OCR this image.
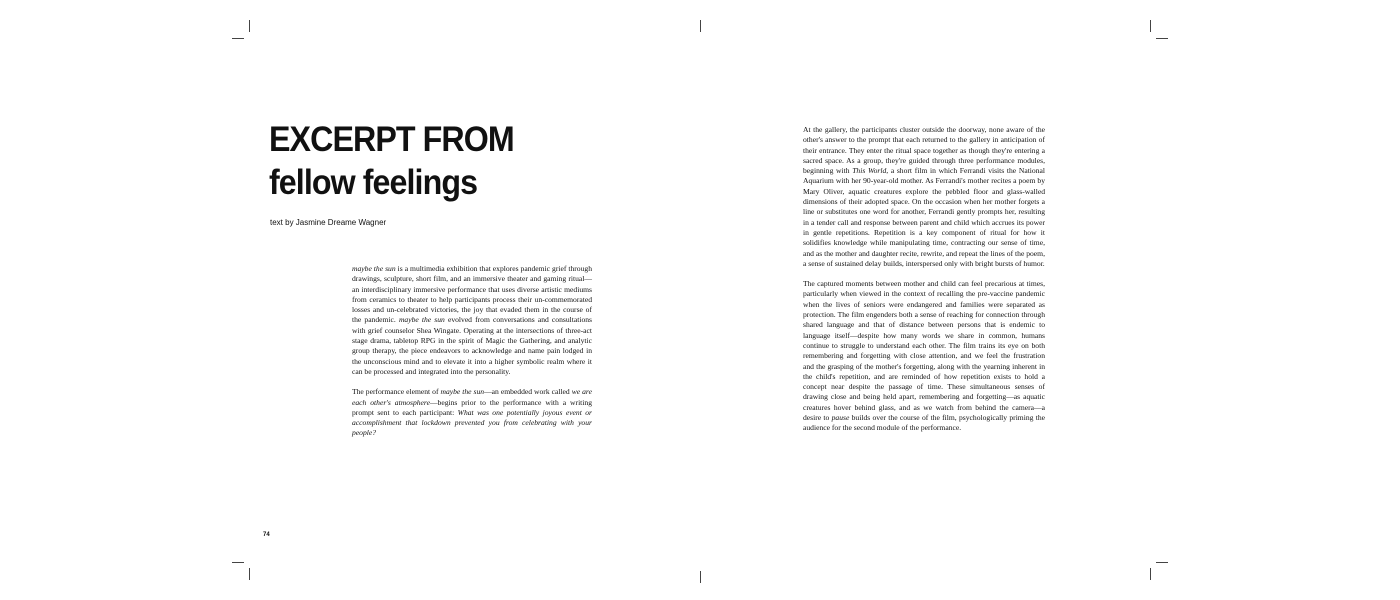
EXCERPT FROM
fellow feelings
text by Jasmine Dreame Wagner

maybe the sun is a multimedia exhibition that explores pandemic grief through drawings, sculpture, short film, and an immersive theater and gaming ritual—an interdisciplinary immersive performance that uses diverse artistic mediums from ceramics to theater to help participants process their un-commemorated losses and un-celebrated victories, the joy that evaded them in the course of the pandemic. maybe the sun evolved from conversations and consultations with grief counselor Shea Wingate. Operating at the intersections of three-act stage drama, tabletop RPG in the spirit of Magic the Gathering, and analytic group therapy, the piece endeavors to acknowledge and name pain lodged in the unconscious mind and to elevate it into a higher symbolic realm where it can be processed and integrated into the personality.

The performance element of maybe the sun—an embedded work called we are each other's atmosphere—begins prior to the performance with a writing prompt sent to each participant: What was one potentially joyous event or accomplishment that lockdown prevented you from celebrating with your people?

74

At the gallery, the participants cluster outside the doorway, none aware of the other's answer to the prompt that each returned to the gallery in anticipation of their entrance. They enter the ritual space together as though they're entering a sacred space. As a group, they're guided through three performance modules, beginning with This World, a short film in which Ferrandi visits the National Aquarium with her 90-year-old mother. As Ferrandi's mother recites a poem by Mary Oliver, aquatic creatures explore the pebbled floor and glass-walled dimensions of their adopted space. On the occasion when her mother forgets a line or substitutes one word for another, Ferrandi gently prompts her, resulting in a tender call and response between parent and child which accrues its power in gentle repetitions. Repetition is a key component of ritual for how it solidifies knowledge while manipulating time, contracting our sense of time, and as the mother and daughter recite, rewrite, and repeat the lines of the poem, a sense of sustained delay builds, interspersed only with bright bursts of humor.

The captured moments between mother and child can feel precarious at times, particularly when viewed in the context of recalling the pre-vaccine pandemic when the lives of seniors were endangered and families were separated as protection. The film engenders both a sense of reaching for connection through shared language and that of distance between persons that is endemic to language itself—despite how many words we share in common, humans continue to struggle to understand each other. The film trains its eye on both remembering and forgetting with close attention, and we feel the frustration and the grasping of the mother's forgetting, along with the yearning inherent in the child's repetition, and are reminded of how repetition exists to hold a concept near despite the passage of time. These simultaneous senses of drawing close and being held apart, remembering and forgetting—as aquatic creatures hover behind glass, and as we watch from behind the camera—a desire to pause builds over the course of the film, psychologically priming the audience for the second module of the performance.
